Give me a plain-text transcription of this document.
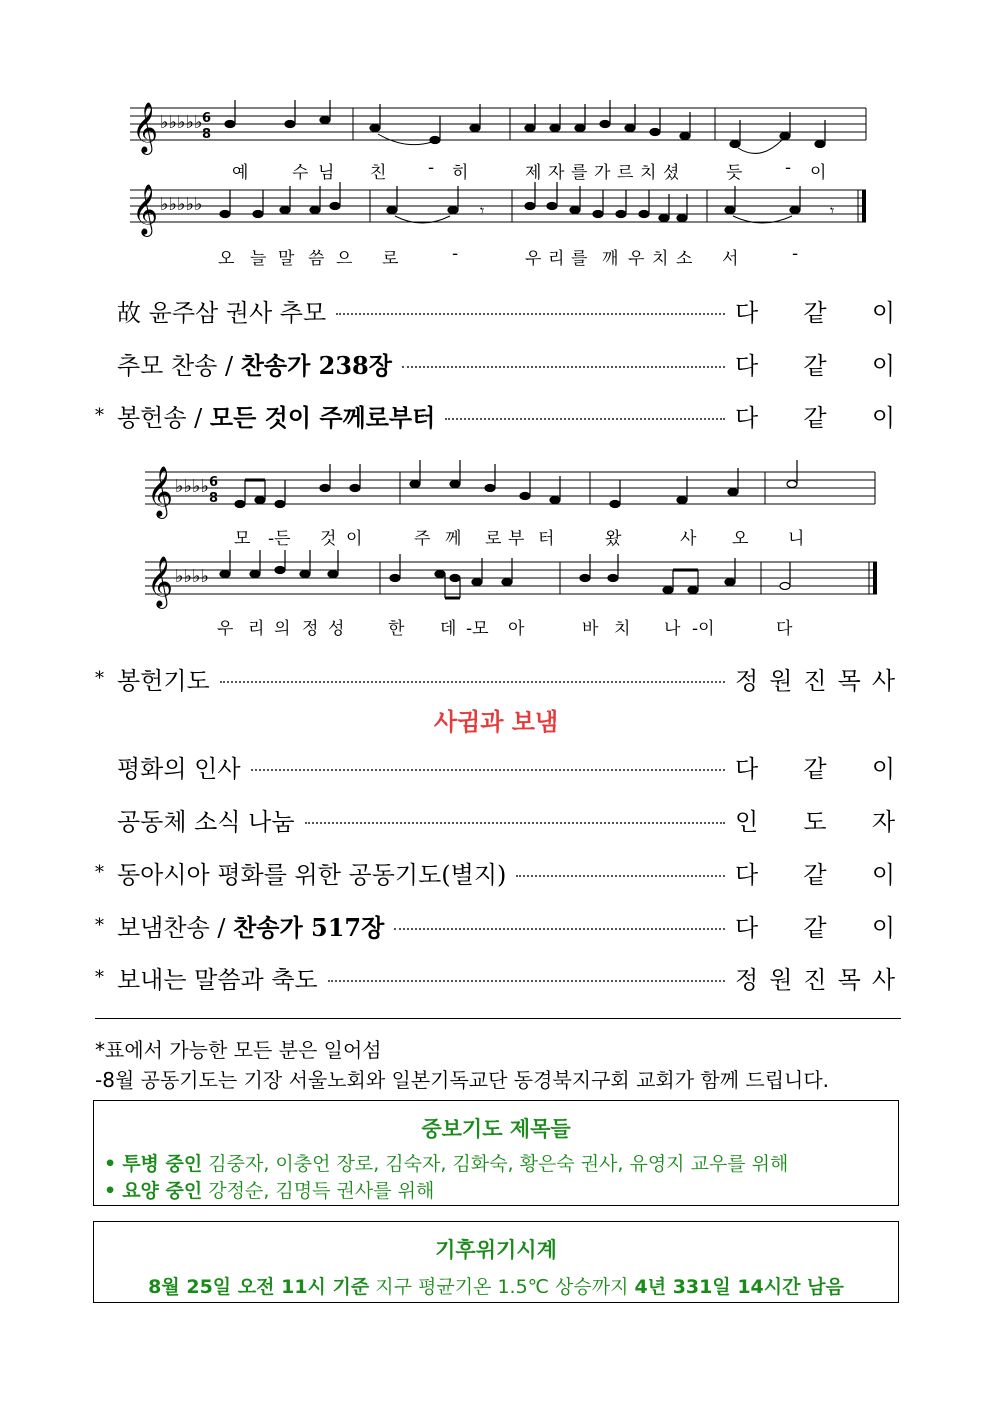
𝄞 ♭♭♭♭♭ 6
8
예	수 님 친 - 히	제 자 를 가 르 치 셨	듯	- 이
𝄞 ♭♭♭♭♭	𝄾	𝄾
오 늘 말 씀 으 로	-	우 리 를 깨 우 치 소 서	-
故 윤주삼 권사 추모	다 같 이
추모 찬송 / 찬송가 238장	다 같 이
* 봉헌송 / 모든 것이 주께로부터	다 같 이
𝄞 ♭♭♭♭ 6
8
모 -든 것 이	주 께 로 부 터	왔	사 오 니
𝄞 ♭♭♭♭
우 리 의 정 성	한 데 -모 아	바 치 나 -이	다
* 봉헌기도	정 원 진 목 사
사귐과 보냄
평화의 인사	다 같 이
공동체 소식 나눔	인 도 자
* 동아시아 평화를 위한 공동기도(별지)	다 같 이
* 보냄찬송 / 찬송가 517장	다 같 이
* 보내는 말씀과 축도	정 원 진 목 사
*표에서 가능한 모든 분은 일어섬
-8월 공동기도는 기장 서울노회와 일본기독교단 동경북지구회 교회가 함께 드립니다.
중보기도 제목들
• 투병 중인 김중자, 이충언 장로, 김숙자, 김화숙, 황은숙 권사, 유영지 교우를 위해
• 요양 중인 강정순, 김명득 권사를 위해
기후위기시계
8월 25일 오전 11시 기준 지구 평균기온 1.5℃ 상승까지 4년 331일 14시간 남음
